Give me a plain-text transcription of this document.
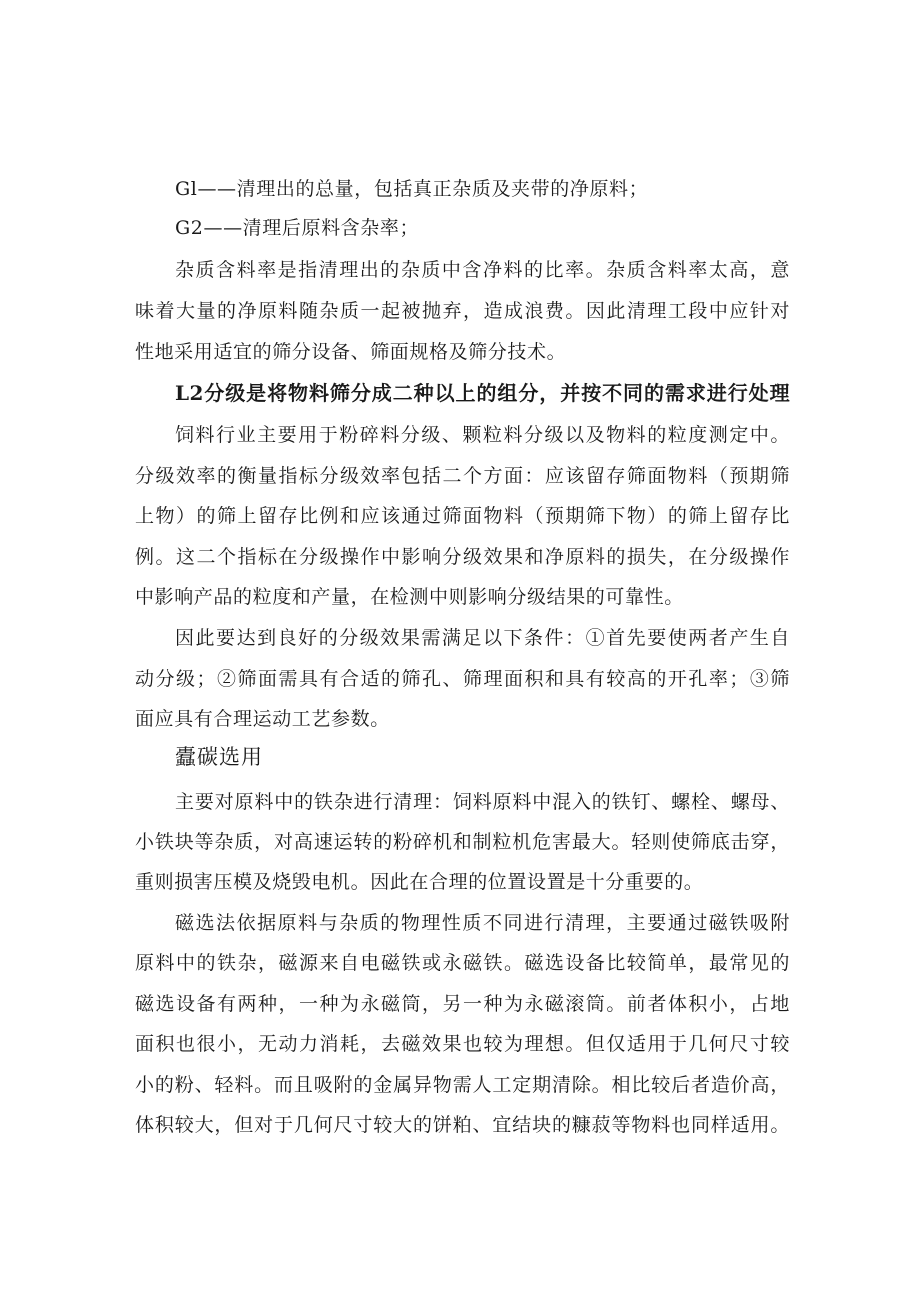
Gl——清理出的总量，包括真正杂质及夹带的净原料；
G2——清理后原料含杂率；
杂质含料率是指清理出的杂质中含净料的比率。杂质含料率太高，意
味着大量的净原料随杂质一起被抛弃，造成浪费。因此清理工段中应针对
性地采用适宜的筛分设备、筛面规格及筛分技术。
L2分级是将物料筛分成二种以上的组分，并按不同的需求进行处理
饲料行业主要用于粉碎料分级、颗粒料分级以及物料的粒度测定中。
分级效率的衡量指标分级效率包括二个方面：应该留存筛面物料（预期筛
上物）的筛上留存比例和应该通过筛面物料（预期筛下物）的筛上留存比
例。这二个指标在分级操作中影响分级效果和净原料的损失，在分级操作
中影响产品的粒度和产量，在检测中则影响分级结果的可靠性。
因此要达到良好的分级效果需满足以下条件：①首先要使两者产生自
动分级；②筛面需具有合适的筛孔、筛理面积和具有较高的开孔率；③筛
面应具有合理运动工艺参数。
蠹碳选用
主要对原料中的铁杂进行清理：饲料原料中混入的铁钉、螺栓、螺母、
小铁块等杂质，对高速运转的粉碎机和制粒机危害最大。轻则使筛底击穿，
重则损害压模及烧毁电机。因此在合理的位置设置是十分重要的。
磁选法依据原料与杂质的物理性质不同进行清理，主要通过磁铁吸附
原料中的铁杂，磁源来自电磁铁或永磁铁。磁选设备比较简单，最常见的
磁选设备有两种，一种为永磁筒，另一种为永磁滚筒。前者体积小，占地
面积也很小，无动力消耗，去磁效果也较为理想。但仅适用于几何尺寸较
小的粉、轻料。而且吸附的金属异物需人工定期清除。相比较后者造价高，
体积较大，但对于几何尺寸较大的饼粕、宜结块的糠菽等物料也同样适用。
